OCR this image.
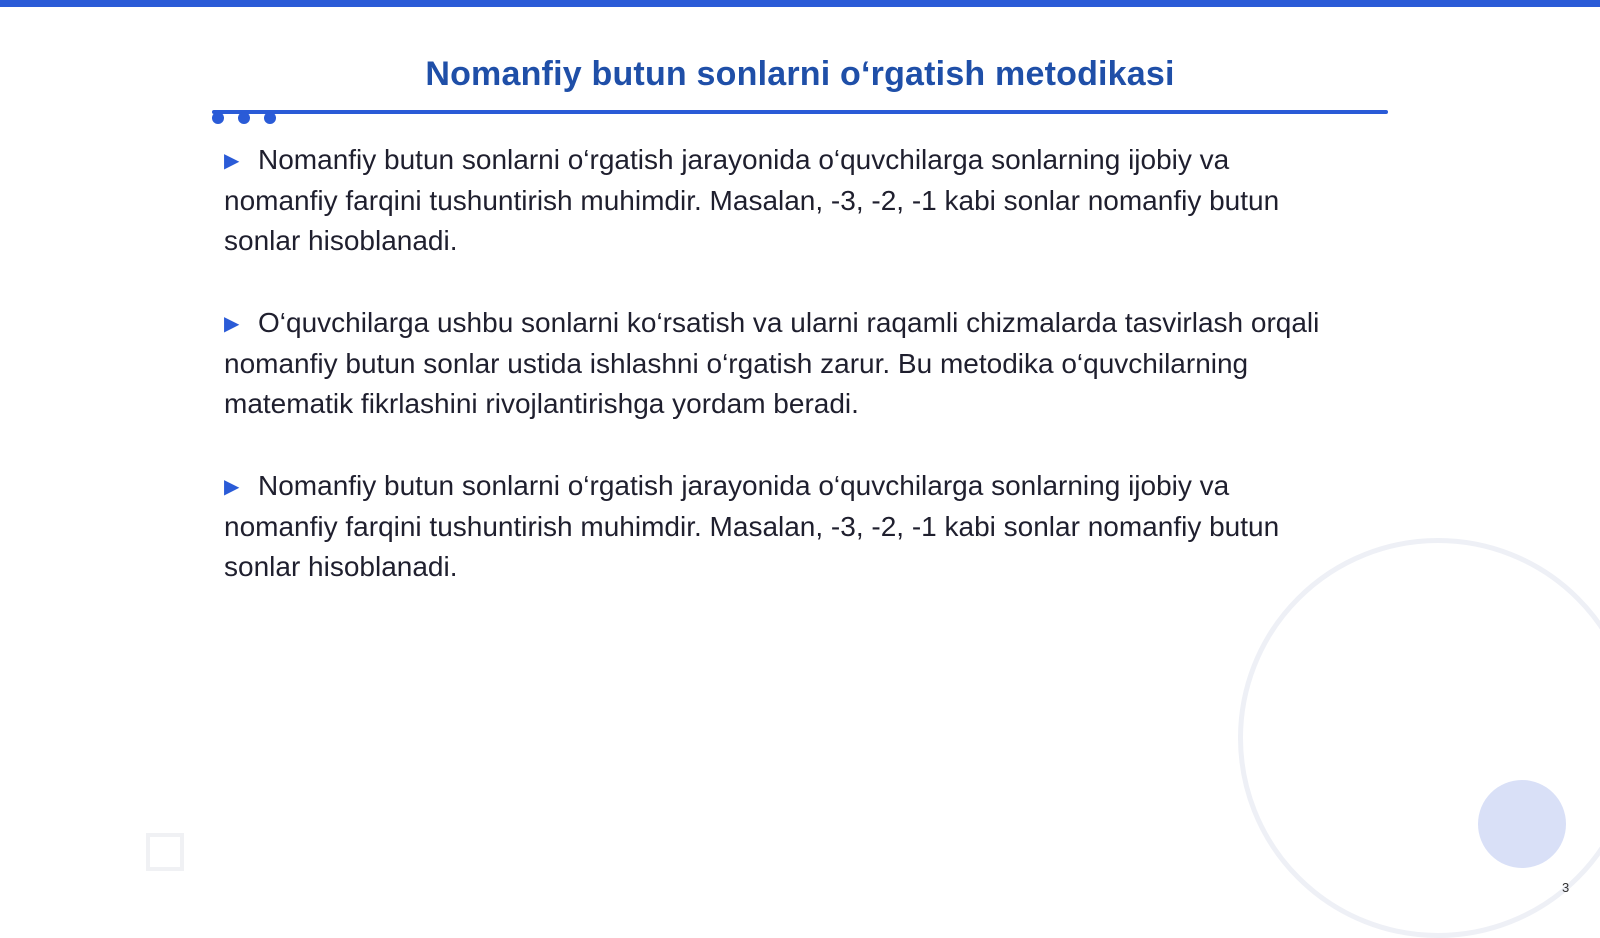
Nomanfiy butun sonlarni o‘rgatish metodikasi
▶ Nomanfiy butun sonlarni o‘rgatish jarayonida o‘quvchilarga sonlarning ijobiy va nomanfiy farqini tushuntirish muhimdir. Masalan, -3, -2, -1 kabi sonlar nomanfiy butun sonlar hisoblanadi.
▶ O‘quvchilarga ushbu sonlarni ko‘rsatish va ularni raqamli chizmalarda tasvirlash orqali nomanfiy butun sonlar ustida ishlashni o‘rgatish zarur. Bu metodika o‘quvchilarning matematik fikrlashini rivojlantirishga yordam beradi.
▶ Nomanfiy butun sonlarni o‘rgatish jarayonida o‘quvchilarga sonlarning ijobiy va nomanfiy farqini tushuntirish muhimdir. Masalan, -3, -2, -1 kabi sonlar nomanfiy butun sonlar hisoblanadi.
3
